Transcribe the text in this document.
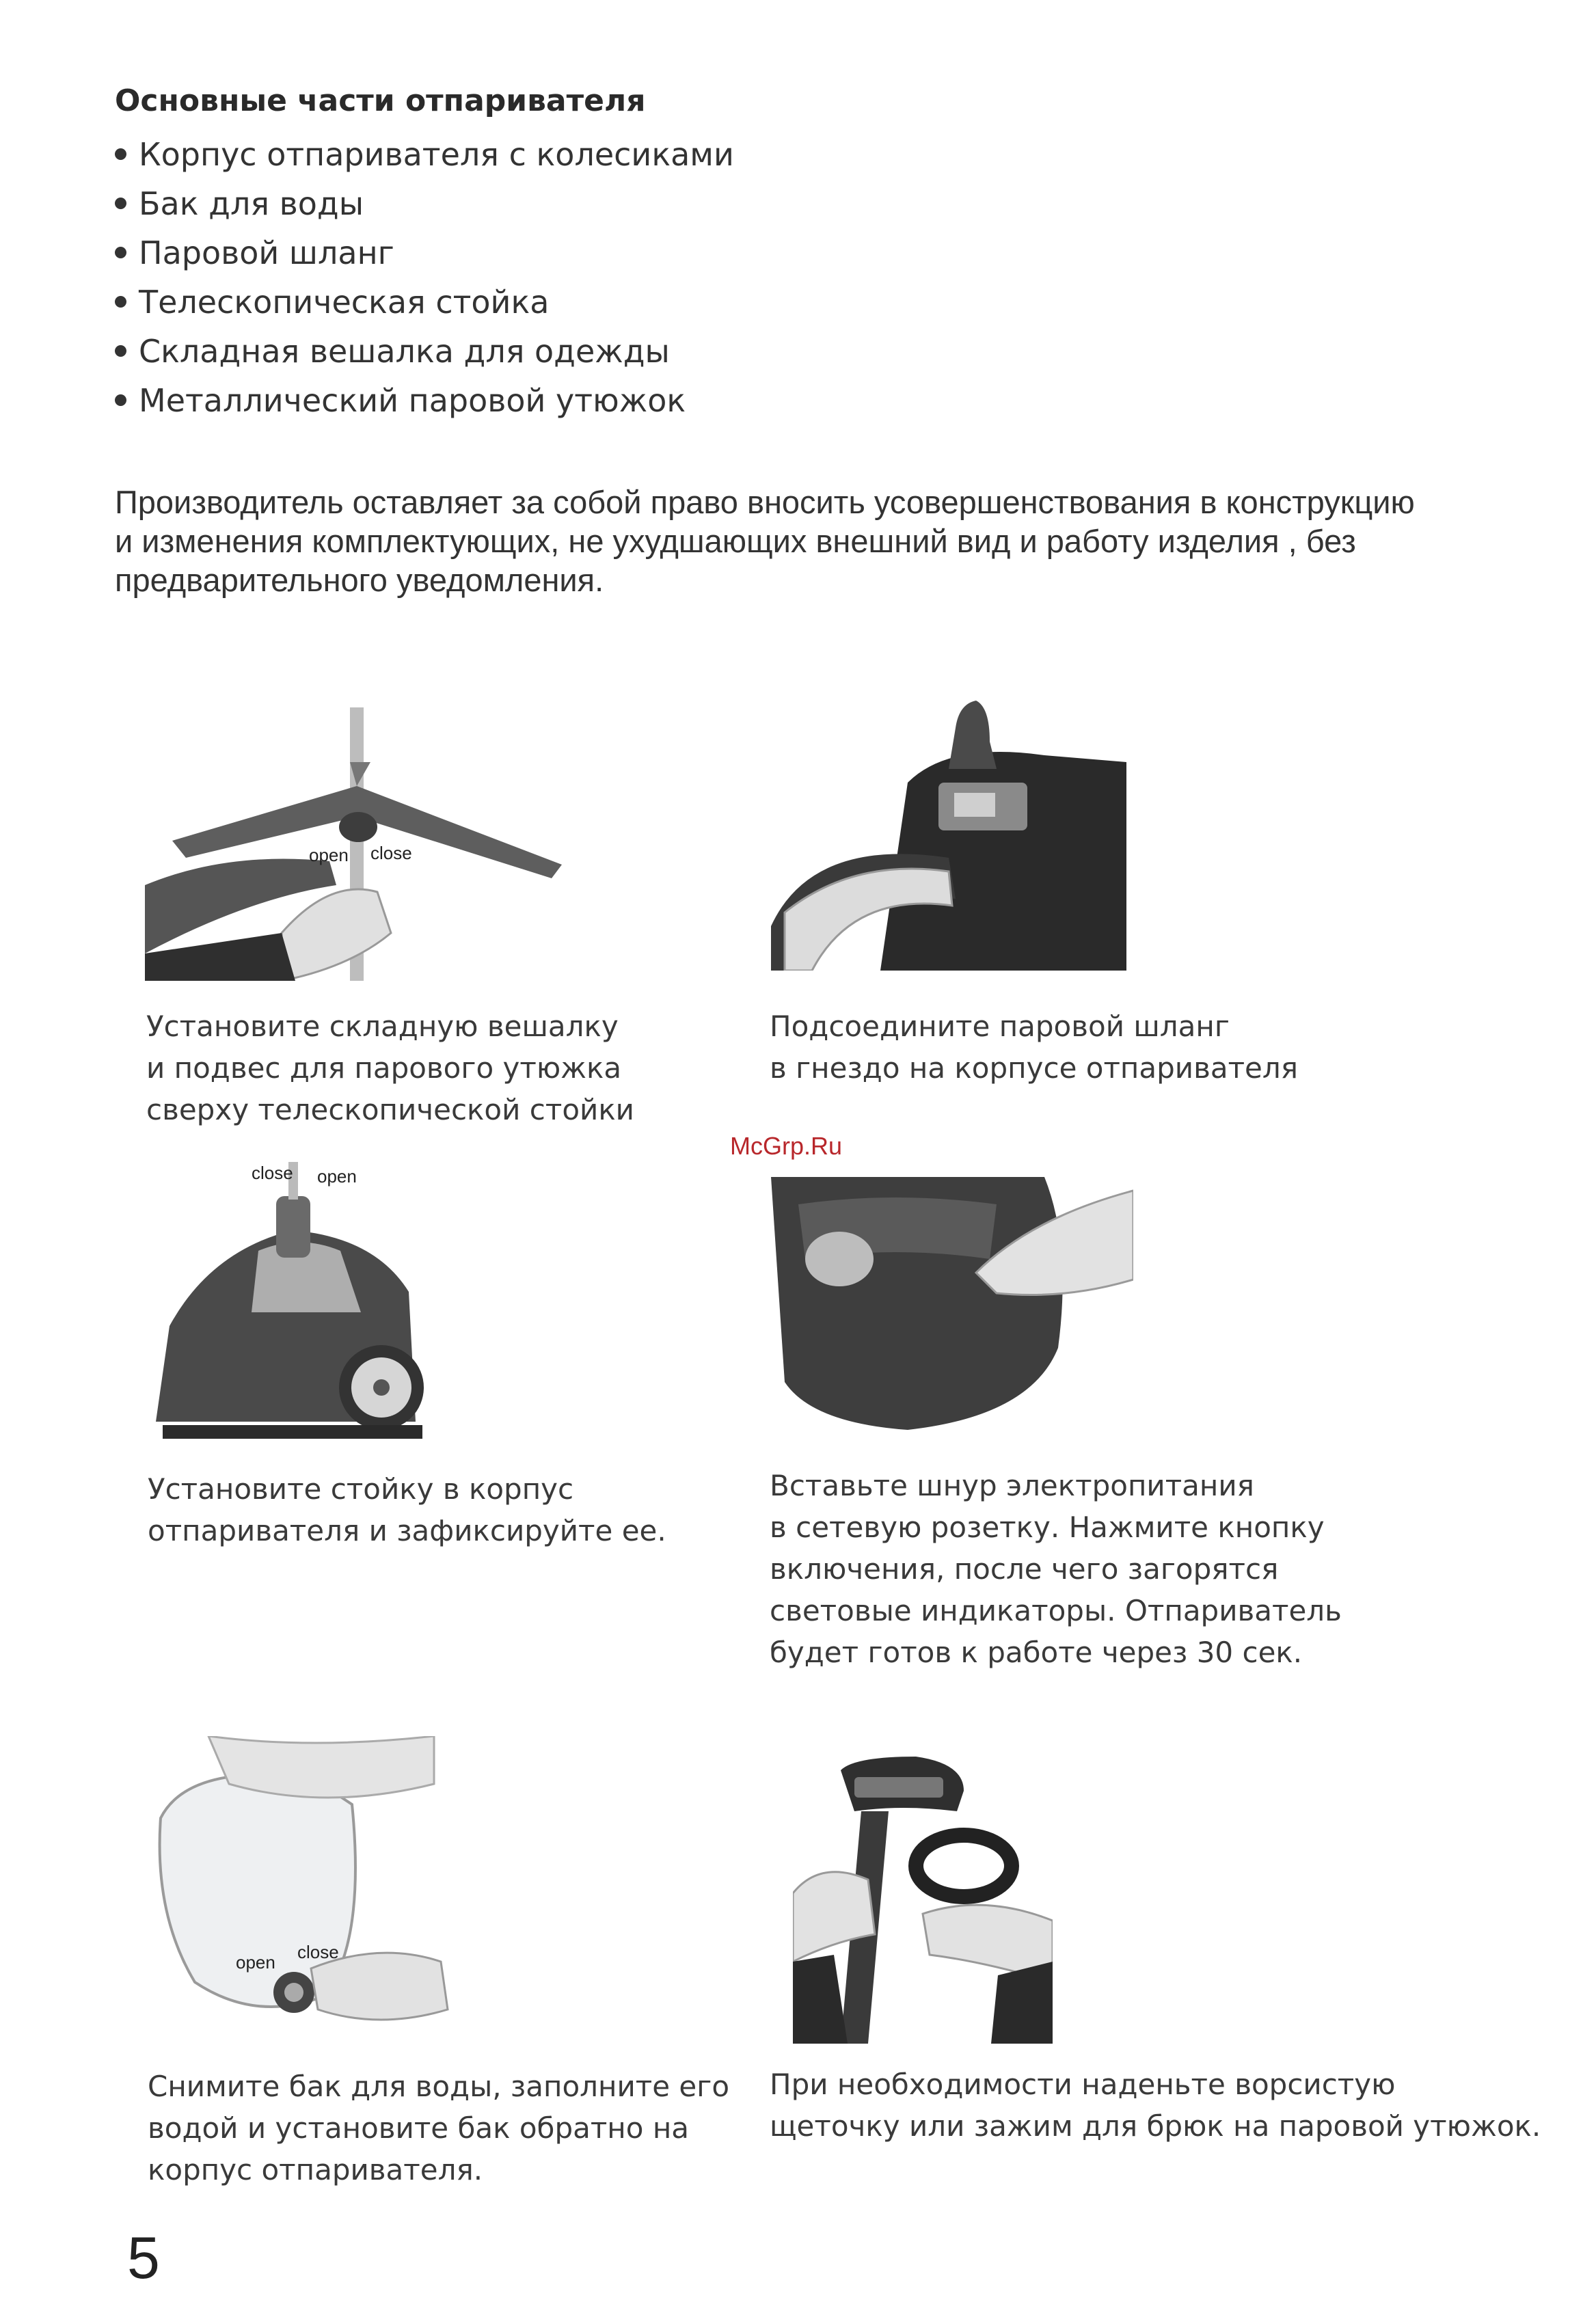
Основные части отпаривателя
Корпус отпаривателя с колесиками
Бак для воды
Паровой шланг
Телескопическая стойка
Складная вешалка для одежды
Металлический паровой утюжок
Производитель оставляет за собой право вносить усовершенствования в конструкцию
и изменения комплектующих, не ухудшающих внешний вид и работу изделия , без
предварительного уведомления.
open close
Установите складную вешалку
и подвес для парового утюжка
сверху телескопической стойки
Подсоедините паровой шланг
в гнездо на корпусе отпаривателя
McGrp.Ru
close open
Установите стойку в корпус
отпаривателя и зафиксируйте ее.
Вставьте шнур электропитания
в сетевую розетку. Нажмите кнопку
включения, после чего загорятся
световые индикаторы. Отпариватель
будет готов к работе через 30 сек.
open close
Снимите бак для воды, заполните его
водой и установите бак обратно на
корпус отпаривателя.
При необходимости наденьте ворсистую
щеточку или зажим для брюк на паровой утюжок.
5
